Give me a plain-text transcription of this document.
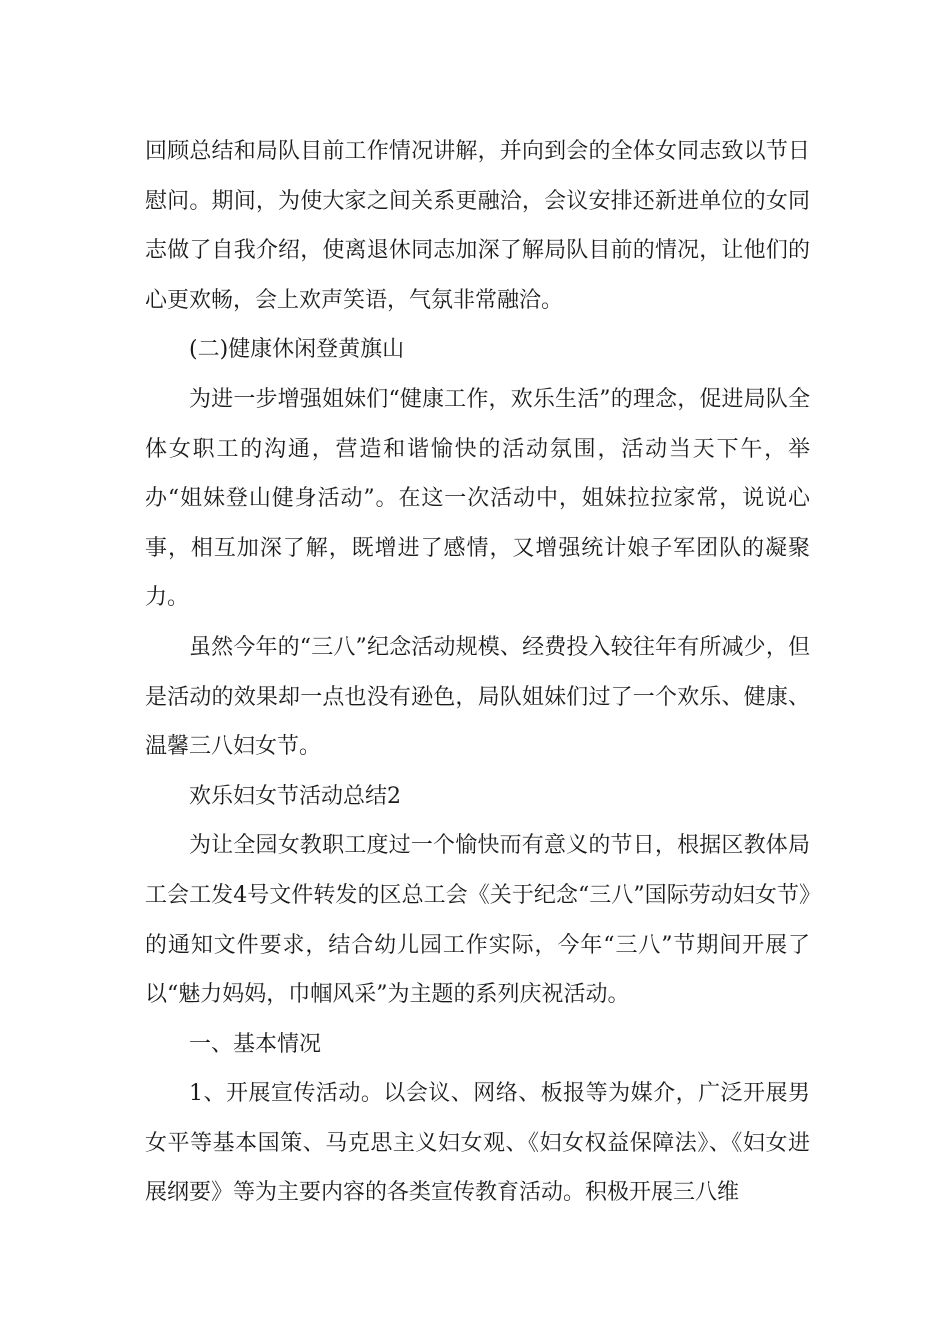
回顾总结和局队目前工作情况讲解，并向到会的全体女同志致以节日慰问。期间，为使大家之间关系更融洽，会议安排还新进单位的女同志做了自我介绍，使离退休同志加深了解局队目前的情况，让他们的心更欢畅，会上欢声笑语，气氛非常融洽。

(二)健康休闲登黄旗山

为进一步增强姐妹们“健康工作，欢乐生活”的理念，促进局队全体女职工的沟通，营造和谐愉快的活动氛围，活动当天下午，举办“姐妹登山健身活动”。在这一次活动中，姐妹拉拉家常，说说心事，相互加深了解，既增进了感情，又增强统计娘子军团队的凝聚力。

虽然今年的“三八”纪念活动规模、经费投入较往年有所减少，但是活动的效果却一点也没有逊色，局队姐妹们过了一个欢乐、健康、温馨三八妇女节。

欢乐妇女节活动总结2

为让全园女教职工度过一个愉快而有意义的节日，根据区教体局工会工发4号文件转发的区总工会《关于纪念“三八”国际劳动妇女节》的通知文件要求，结合幼儿园工作实际，今年“三八”节期间开展了以“魅力妈妈，巾帼风采”为主题的系列庆祝活动。

一、基本情况

1、开展宣传活动。以会议、网络、板报等为媒介，广泛开展男女平等基本国策、马克思主义妇女观、《妇女权益保障法》、《妇女进展纲要》等为主要内容的各类宣传教育活动。积极开展三八维
